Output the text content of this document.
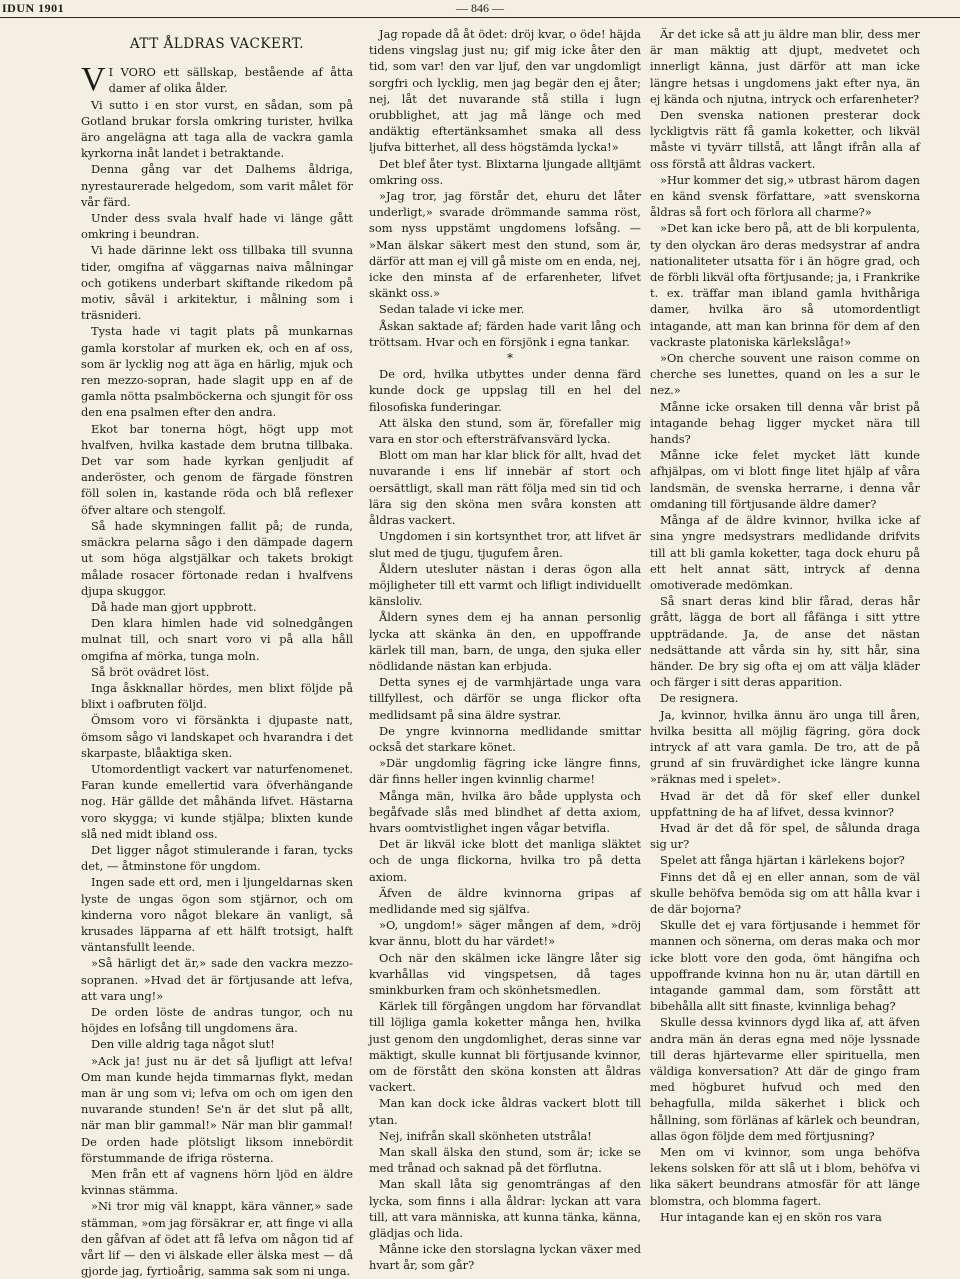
IDUN 1901	— 846 —

ATT ÅLDRAS VACKERT.

V I VORO ett sällskap, bestående af åtta damer af olika ålder.

Vi sutto i en stor vurst, en sådan, som på Gotland brukar forsla omkring turister, hvilka äro angelägna att taga alla de vackra gamla kyrkorna inåt landet i betraktande.

Denna gång var det Dalhems åldriga, nyrestaurerade helgedom, som varit målet för vår färd.

Under dess svala hvalf hade vi länge gått omkring i beundran.

Vi hade därinne lekt oss tillbaka till svunna tider, omgifna af väggarnas naiva målningar och gotikens underbart skiftande rikedom på motiv, såväl i arkitektur, i målning som i träsnideri.

Tysta hade vi tagit plats på munkarnas gamla korstolar af murken ek, och en af oss, som är lycklig nog att äga en härlig, mjuk och ren mezzo-sopran, hade slagit upp en af de gamla nötta psalmböckerna och sjungit för oss den ena psalmen efter den andra.

Ekot bar tonerna högt, högt upp mot hvalfven, hvilka kastade dem brutna tillbaka. Det var som hade kyrkan genljudit af anderöster, och genom de färgade fönstren föll solen in, kastande röda och blå reflexer öfver altare och stengolf.

Så hade skymningen fallit på; de runda, smäckra pelarna sågo i den dämpade dagern ut som höga algstjälkar och takets brokigt målade rosacer förtonade redan i hvalfvens djupa skuggor.

Då hade man gjort uppbrott.

Den klara himlen hade vid solnedgången mulnat till, och snart voro vi på alla håll omgifna af mörka, tunga moln.

Så bröt ovädret löst.

Inga åskknallar hördes, men blixt följde på blixt i oafbruten följd.

Ömsom voro vi försänkta i djupaste natt, ömsom sågo vi landskapet och hvarandra i det skarpaste, blåaktiga sken.

Utomordentligt vackert var naturfenomenet. Faran kunde emellertid vara öfverhängande nog. Här gällde det måhända lifvet. Hästarna voro skygga; vi kunde stjälpa; blixten kunde slå ned midt ibland oss.

Det ligger något stimulerande i faran, tycks det, — åtminstone för ungdom.

Ingen sade ett ord, men i ljungeldarnas sken lyste de ungas ögon som stjärnor, och om kinderna voro något blekare än vanligt, så krusades läpparna af ett hälft trotsigt, halft väntansfullt leende.

»Så härligt det är,» sade den vackra mezzo-sopranen. »Hvad det är förtjusande att lefva, att vara ung!»

De orden löste de andras tungor, och nu höjdes en lofsång till ungdomens ära.

Den ville aldrig taga något slut!

»Ack ja! just nu är det så ljufligt att lefva! Om man kunde hejda timmarnas flykt, medan man är ung som vi; lefva om och om igen den nuvarande stunden! Se'n är det slut på allt, när man blir gammal!» När man blir gammal! De orden hade plötsligt liksom innebördit förstummande de ifriga rösterna.

Men från ett af vagnens hörn ljöd en äldre kvinnas stämma.

»Ni tror mig väl knappt, kära vänner,» sade stämman, »om jag försäkrar er, att finge vi alla den gåfvan af ödet att få lefva om någon tid af vårt lif — den vi älskade eller älska mest — då gjorde jag, fyrtioårig, samma sak som ni unga.

Jag ropade då åt ödet: dröj kvar, o öde! häjda tidens vingslag just nu; gif mig icke åter den tid, som var! den var ljuf, den var ungdomligt sorgfri och lycklig, men jag begär den ej åter; nej, låt det nuvarande stå stilla i lugn orubblighet, att jag må länge och med andäktig eftertänksamhet smaka all dess ljufva bitterhet, all dess högstämda lycka!»

Det blef åter tyst. Blixtarna ljungade alltjämt omkring oss.

»Jag tror, jag förstår det, ehuru det låter underligt,» svarade drömmande samma röst, som nyss uppstämt ungdomens lofsång. — »Man älskar säkert mest den stund, som är, därför att man ej vill gå miste om en enda, nej, icke den minsta af de erfarenheter, lifvet skänkt oss.»

Sedan talade vi icke mer.

Åskan saktade af; färden hade varit lång och tröttsam. Hvar och en försjönk i egna tankar.

*

De ord, hvilka utbyttes under denna färd kunde dock ge uppslag till en hel del filosofiska funderingar.

Att älska den stund, som är, förefaller mig vara en stor och eftersträfvansvärd lycka.

Blott om man har klar blick för allt, hvad det nuvarande i ens lif innebär af stort och oersättligt, skall man rätt följa med sin tid och lära sig den sköna men svåra konsten att åldras vackert.

Ungdomen i sin kortsynthet tror, att lifvet är slut med de tjugu, tjugufem åren.

Åldern utesluter nästan i deras ögon alla möjligheter till ett varmt och lifligt individuellt känsloliv.

Åldern synes dem ej ha annan personlig lycka att skänka än den, en uppoffrande kärlek till man, barn, de unga, den sjuka eller nödlidande nästan kan erbjuda.

Detta synes ej de varmhjärtade unga vara tillfyllest, och därför se unga flickor ofta medlidsamt på sina äldre systrar.

De yngre kvinnorna medlidande smittar också det starkare könet.

»Där ungdomlig fägring icke längre finns, där finns heller ingen kvinnlig charme!

Många män, hvilka äro både upplysta och begåfvade slås med blindhet af detta axiom, hvars oomtvistlighet ingen vågar betvifla.

Det är likväl icke blott det manliga släktet och de unga flickorna, hvilka tro på detta axiom.

Äfven de äldre kvinnorna gripas af medlidande med sig själfva.

»O, ungdom!» säger mången af dem, »dröj kvar ännu, blott du har värdet!»

Och när den skälmen icke längre låter sig kvarhållas vid vingspetsen, då tages sminkburken fram och skönhetsmedlen.

Kärlek till förgången ungdom har förvandlat till löjliga gamla koketter många hen, hvilka just genom den ungdomlighet, deras sinne var mäktigt, skulle kunnat bli förtjusande kvinnor, om de förstått den sköna konsten att åldras vackert.

Man kan dock icke åldras vackert blott till ytan.

Nej, inifrån skall skönheten utstråla!

Man skall älska den stund, som är; icke se med trånad och saknad på det förflutna.

Man skall låta sig genomträngas af den lycka, som finns i alla åldrar: lyckan att vara till, att vara människa, att kunna tänka, känna, glädjas och lida.

Månne icke den storslagna lyckan växer med hvart år, som går?

Är det icke så att ju äldre man blir, dess mer är man mäktig att djupt, medvetet och innerligt känna, just därför att man icke längre hetsas i ungdomens jakt efter nya, än ej kända och njutna, intryck och erfarenheter?

Den svenska nationen presterar dock lyckligtvis rätt få gamla koketter, och likväl måste vi tyvärr tillstå, att långt ifrån alla af oss förstå att åldras vackert.

»Hur kommer det sig,» utbrast härom dagen en känd svensk författare, »att svenskorna åldras så fort och förlora all charme?»

»Det kan icke bero på, att de bli korpulenta, ty den olyckan äro deras medsystrar af andra nationaliteter utsatta för i än högre grad, och de förbli likväl ofta förtjusande; ja, i Frankrike t. ex. träffar man ibland gamla hvithåriga damer, hvilka äro så utomordentligt intagande, att man kan brinna för dem af den vackraste platoniska kärlekslåga!»

»On cherche souvent une raison comme on cherche ses lunettes, quand on les a sur le nez.»

Månne icke orsaken till denna vår brist på intagande behag ligger mycket nära till hands?

Månne icke felet mycket lätt kunde afhjälpas, om vi blott finge litet hjälp af våra landsmän, de svenska herrarne, i denna vår omdaning till förtjusande äldre damer?

Många af de äldre kvinnor, hvilka icke af sina yngre medsystrars medlidande drifvits till att bli gamla koketter, taga dock ehuru på ett helt annat sätt, intryck af denna omotiverade medömkan.

Så snart deras kind blir fårad, deras hår grått, lägga de bort all fåfänga i sitt yttre uppträdande. Ja, de anse det nästan nedsättande att vårda sin hy, sitt hår, sina händer. De bry sig ofta ej om att välja kläder och färger i sitt deras apparition.

De resignera.

Ja, kvinnor, hvilka ännu äro unga till åren, hvilka besitta all möjlig fägring, göra dock intryck af att vara gamla. De tro, att de på grund af sin fruvärdighet icke längre kunna »räknas med i spelet».

Hvad är det då för skef eller dunkel uppfattning de ha af lifvet, dessa kvinnor?

Hvad är det då för spel, de sålunda draga sig ur?

Spelet att fånga hjärtan i kärlekens bojor?

Finns det då ej en eller annan, som de väl skulle behöfva bemöda sig om att hålla kvar i de där bojorna?

Skulle det ej vara förtjusande i hemmet för mannen och sönerna, om deras maka och mor icke blott vore den goda, ömt hängifna och uppoffrande kvinna hon nu är, utan därtill en intagande gammal dam, som förstått att bibehålla allt sitt finaste, kvinnliga behag?

Skulle dessa kvinnors dygd lika af, att äfven andra män än deras egna med nöje lyssnade till deras hjärtevarme eller spirituella, men väldiga konversation? Att där de gingo fram med högburet hufvud och med den behagfulla, milda säkerhet i blick och hållning, som förlänas af kärlek och beundran, allas ögon följde dem med förtjusning?

Men om vi kvinnor, som unga behöfva lekens solsken för att slå ut i blom, behöfva vi lika säkert beundrans atmosfär för att länge blomstra, och blomma fagert.

Hur intagande kan ej en skön ros vara
